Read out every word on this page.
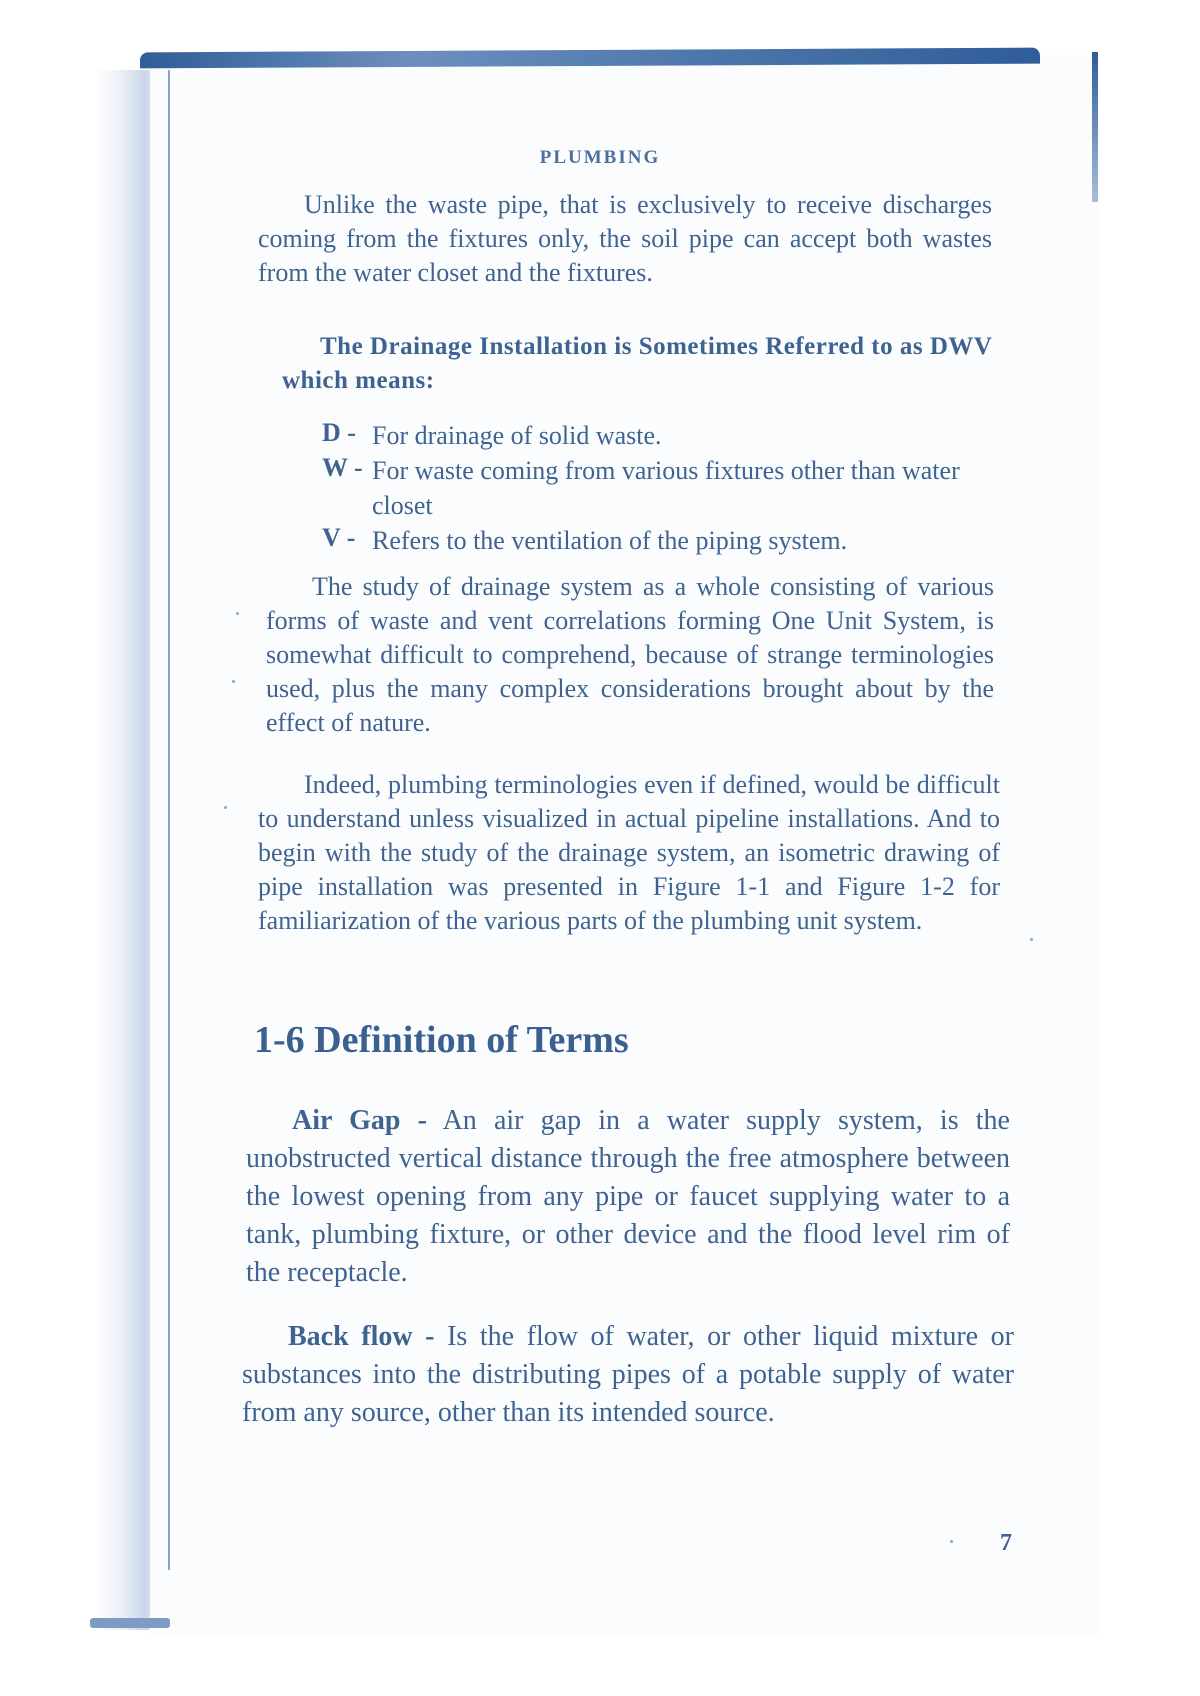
PLUMBING
Unlike the waste pipe, that is exclusively to receive discharges coming from the fixtures only, the soil pipe can accept both wastes from the water closet and the fixtures.
The Drainage Installation is Sometimes Referred to as DWV which means:
D - For drainage of solid waste.
W - For waste coming from various fixtures other than water closet
V - Refers to the ventilation of the piping system.
The study of drainage system as a whole consisting of various forms of waste and vent correlations forming One Unit System, is somewhat difficult to comprehend, because of strange terminologies used, plus the many complex considerations brought about by the effect of nature.
Indeed, plumbing terminologies even if defined, would be difficult to understand unless visualized in actual pipeline installations. And to begin with the study of the drainage system, an isometric drawing of pipe installation was presented in Figure 1-1 and Figure 1-2 for familiarization of the various parts of the plumbing unit system.
1-6 Definition of Terms
Air Gap - An air gap in a water supply system, is the unobstructed vertical distance through the free atmosphere between the lowest opening from any pipe or faucet supplying water to a tank, plumbing fixture, or other device and the flood level rim of the receptacle.
Back flow - Is the flow of water, or other liquid mixture or substances into the distributing pipes of a potable supply of water from any source, other than its intended source.
7
